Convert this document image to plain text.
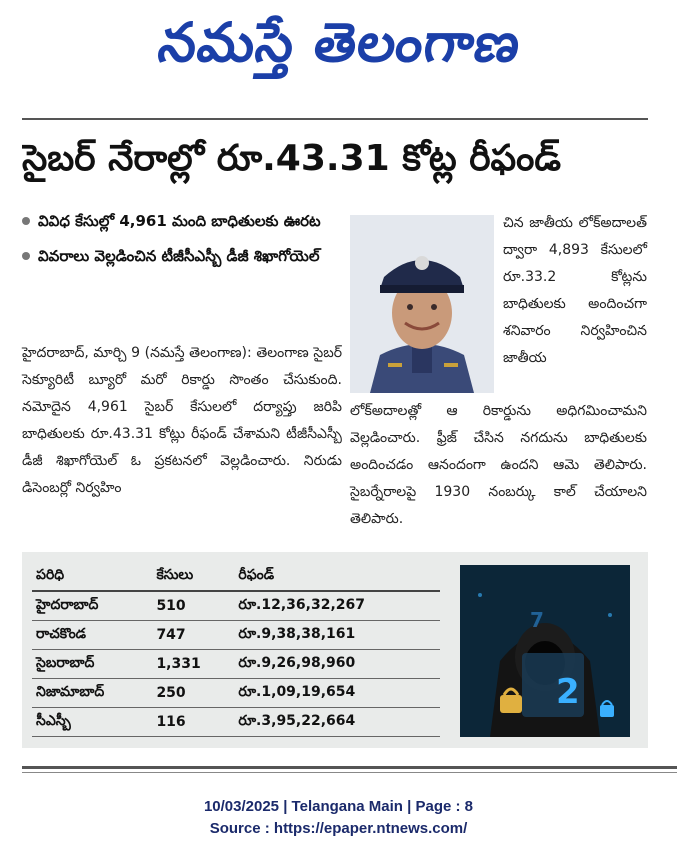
నమస్తే తెలంగాణ
సైబర్ నేరాల్లో రూ.43.31 కోట్ల రీఫండ్
వివిధ కేసుల్లో 4,961 మంది బాధితులకు ఊరట
వివరాలు వెల్లడించిన టీజీసీఎస్బీ డీజీ శిఖాగోయెల్
హైదరాబాద్, మార్చి 9 (నమస్తే తెలంగాణ): తెలంగాణ సైబర్ సెక్యూరిటీ బ్యూరో మరో రికార్డు సొంతం చేసుకుంది. నమోదైన 4,961 సైబర్ కేసులలో దర్యాప్తు జరిపి బాధితులకు రూ.43.31 కోట్లు రీఫండ్ చేశామని టీజీసీఎస్బీ డీజీ శిఖాగోయెల్ ఓ ప్రకటనలో వెల్లడించారు. నిరుడు డిసెంబర్లో నిర్వహిం
చిన జాతీయ లోక్అదాలత్ ద్వారా 4,893 కేసులలో రూ.33.2 కోట్లను బాధితులకు అందించగా శనివారం నిర్వహించిన జాతీయ
లోక్అదాలత్లో ఆ రికార్డును అధిగమించామని వెల్లడించారు. ఫ్రీజ్ చేసిన నగదును బాధితులకు అందించడం ఆనందంగా ఉందని ఆమె తెలిపారు. సైబర్నేరాలపై 1930 నంబర్కు కాల్ చేయాలని తెలిపారు.
పరిధి	కేసులు	రీఫండ్
హైదరాబాద్	510	రూ.12,36,32,267
రాచకొండ	747	రూ.9,38,38,161
సైబరాబాద్	1,331	రూ.9,26,98,960
నిజామాబాద్	250	రూ.1,09,19,654
సీఎస్బీ	116	రూ.3,95,22,664
2
7
10/03/2025 | Telangana Main | Page : 8
Source : https://epaper.ntnews.com/
